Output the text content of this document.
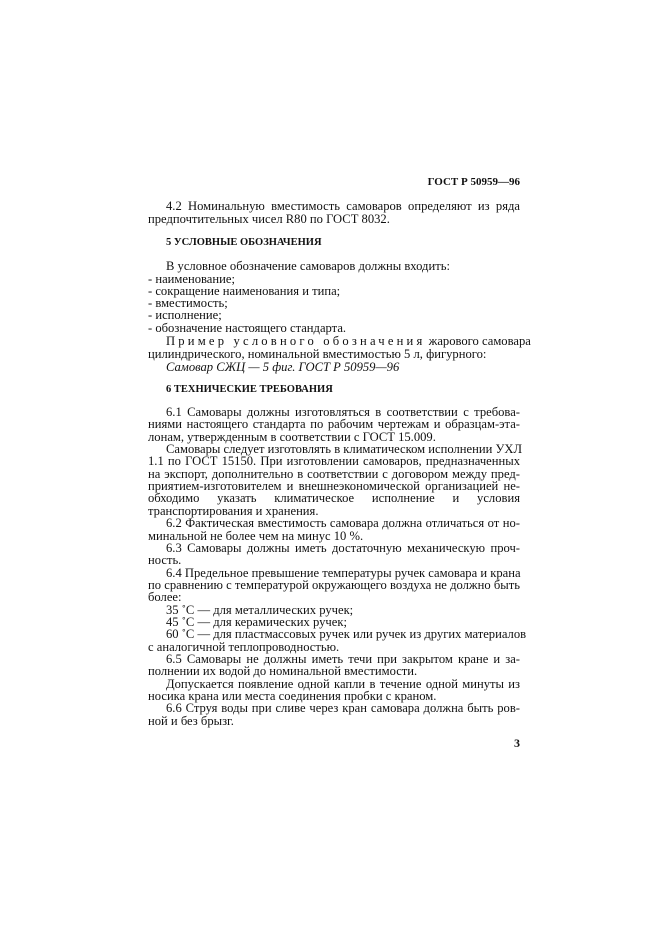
ГОСТ Р 50959—96
4.2 Номинальную вместимость самоваров определяют из ряда
предпочтительных чисел R80 по ГОСТ 8032.
5 УСЛОВНЫЕ ОБОЗНАЧЕНИЯ
В условное обозначение самоваров должны входить:
- наименование;
- сокращение наименования и типа;
- вместимость;
- исполнение;
- обозначение настоящего стандарта.
Пример условного обозначения жарового самовара
цилиндрического, номинальной вместимостью 5 л, фигурного:
Самовар СЖЦ — 5 фиг. ГОСТ Р 50959—96
6 ТЕХНИЧЕСКИЕ ТРЕБОВАНИЯ
6.1 Самовары должны изготовляться в соответствии с требова-
ниями настоящего стандарта по рабочим чертежам и образцам-эта-
лонам, утвержденным в соответствии с ГОСТ 15.009.
Самовары следует изготовлять в климатическом исполнении УХЛ
1.1 по ГОСТ 15150. При изготовлении самоваров, предназначенных
на экспорт, дополнительно в соответствии с договором между пред-
приятием-изготовителем и внешнеэкономической организацией не-
обходимо указать климатическое исполнение и условия
транспортирования и хранения.
6.2 Фактическая вместимость самовара должна отличаться от но-
минальной не более чем на минус 10 %.
6.3 Самовары должны иметь достаточную механическую проч-
ность.
6.4 Предельное превышение температуры ручек самовара и крана
по сравнению с температурой окружающего воздуха не должно быть
более:
35 ˚С — для металлических ручек;
45 ˚С — для керамических ручек;
60 ˚С — для пластмассовых ручек или ручек из других материалов
с аналогичной теплопроводностью.
6.5 Самовары не должны иметь течи при закрытом кране и за-
полнении их водой до номинальной вместимости.
Допускается появление одной капли в течение одной минуты из
носика крана или места соединения пробки с краном.
6.6 Струя воды при сливе через кран самовара должна быть ров-
ной и без брызг.
3
